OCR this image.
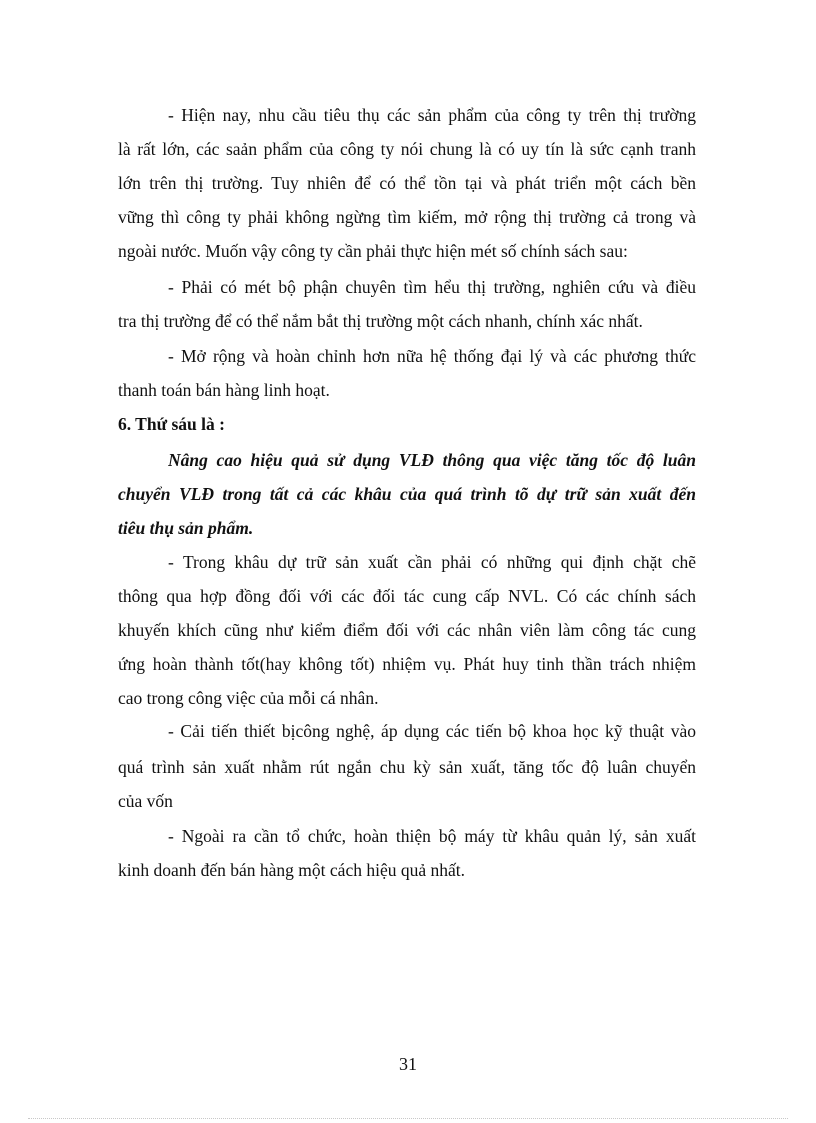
- Hiện nay, nhu cầu tiêu thụ các sản phẩm của công ty trên thị trường
là rất lớn, các saản phẩm của công ty nói chung là có uy tín là sức cạnh tranh
lớn trên thị trường. Tuy nhiên để có thể tồn tại và phát triển một cách bền
vững thì công ty phải không ngừng tìm kiếm, mở rộng thị trường cả trong và
ngoài nước. Muốn vậy công ty cần phải thực hiện mét số chính sách sau:
- Phải có mét bộ phận chuyên tìm hểu thị trường, nghiên cứu và điều
tra thị trường để có thể nắm bắt thị trường một cách nhanh, chính xác nhất.
- Mở rộng và hoàn chỉnh hơn nữa hệ thống đại lý và các phương thức
thanh toán bán hàng linh hoạt.
6. Thứ sáu là :
Nâng cao hiệu quả sử dụng VLĐ thông qua việc tăng tốc độ luân
chuyển VLĐ trong tất cả các khâu của quá trình tõ dự trữ sản xuất đến
tiêu thụ sản phẩm.
- Trong khâu dự trữ sản xuất cần phải có những qui định chặt chẽ
thông qua hợp đồng đối với các đối tác cung cấp NVL. Có các chính sách
khuyến khích cũng như kiểm điểm đối với các nhân viên làm công tác cung
ứng hoàn thành tốt(hay không tốt) nhiệm vụ. Phát huy tinh thần trách nhiệm
cao trong công việc của mỗi cá nhân.
- Cải tiến thiết bịcông nghệ, áp dụng các tiến bộ khoa học kỹ thuật vào
quá trình sản xuất nhằm rút ngắn chu kỳ sản xuất, tăng tốc độ luân chuyển
của vốn
- Ngoài ra cần tổ chức, hoàn thiện bộ máy từ khâu quản lý, sản xuất
kinh doanh đến bán hàng một cách hiệu quả nhất.
31
